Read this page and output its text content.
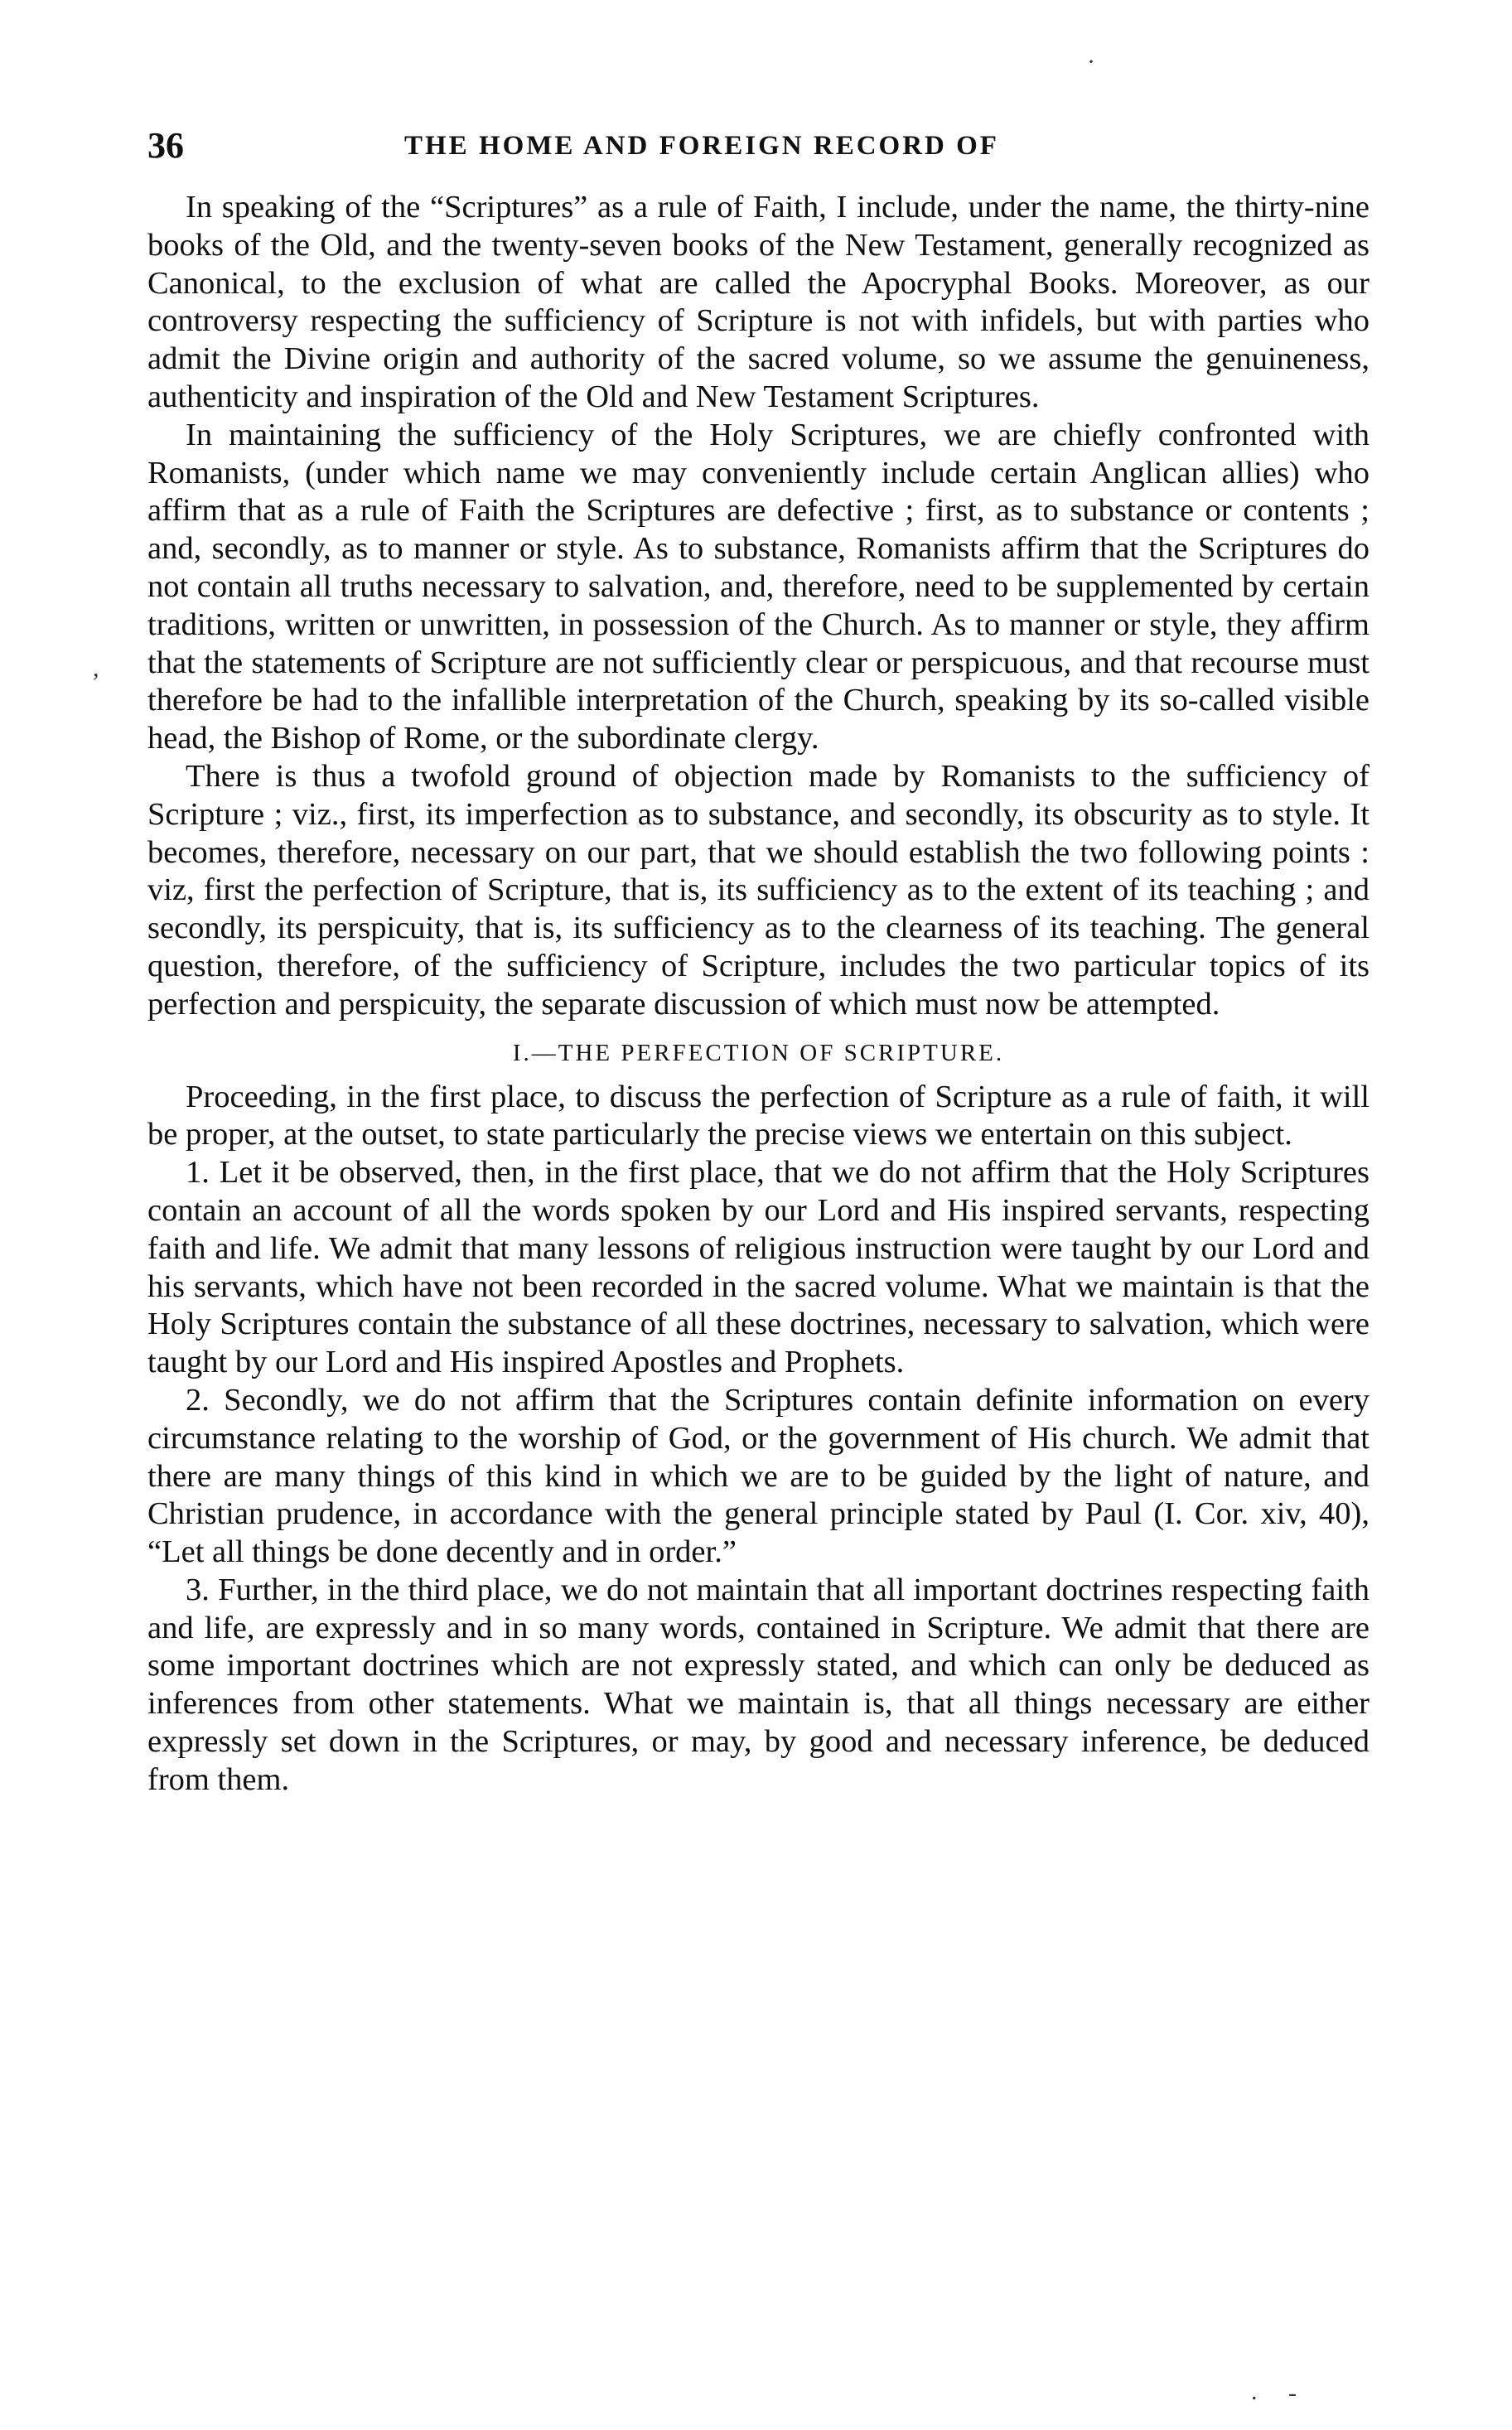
36	THE HOME AND FOREIGN RECORD OF

In speaking of the “Scriptures” as a rule of Faith, I include, under the name, the thirty-nine books of the Old, and the twenty-seven books of the New Testament, generally recognized as Canonical, to the exclusion of what are called the Apocryphal Books. Moreover, as our controversy respecting the sufficiency of Scripture is not with infidels, but with parties who admit the Divine origin and authority of the sacred volume, so we assume the genuineness, authenticity and inspiration of the Old and New Testament Scriptures.

In maintaining the sufficiency of the Holy Scriptures, we are chiefly confronted with Romanists, (under which name we may conveniently include certain Anglican allies) who affirm that as a rule of Faith the Scriptures are defective ; first, as to substance or contents ; and, secondly, as to manner or style. As to substance, Romanists affirm that the Scriptures do not contain all truths necessary to salvation, and, therefore, need to be supplemented by certain traditions, written or unwritten, in possession of the Church. As to manner or style, they affirm that the statements of Scripture are not sufficiently clear or perspicuous, and that recourse must therefore be had to the infallible interpretation of the Church, speaking by its so-called visible head, the Bishop of Rome, or the subordinate clergy.

There is thus a twofold ground of objection made by Romanists to the sufficiency of Scripture ; viz., first, its imperfection as to substance, and secondly, its obscurity as to style. It becomes, therefore, necessary on our part, that we should establish the two following points : viz, first the perfection of Scripture, that is, its sufficiency as to the extent of its teaching ; and secondly, its perspicuity, that is, its sufficiency as to the clearness of its teaching. The general question, therefore, of the sufficiency of Scripture, includes the two particular topics of its perfection and perspicuity, the separate discussion of which must now be attempted.

I.—THE PERFECTION OF SCRIPTURE.

Proceeding, in the first place, to discuss the perfection of Scripture as a rule of faith, it will be proper, at the outset, to state particularly the precise views we entertain on this subject.

1. Let it be observed, then, in the first place, that we do not affirm that the Holy Scriptures contain an account of all the words spoken by our Lord and His inspired servants, respecting faith and life. We admit that many lessons of religious instruction were taught by our Lord and his servants, which have not been recorded in the sacred volume. What we maintain is that the Holy Scriptures contain the substance of all these doctrines, necessary to salvation, which were taught by our Lord and His inspired Apostles and Prophets.

2. Secondly, we do not affirm that the Scriptures contain definite information on every circumstance relating to the worship of God, or the government of His church. We admit that there are many things of this kind in which we are to be guided by the light of nature, and Christian prudence, in accordance with the general principle stated by Paul (I. Cor. xiv, 40), “Let all things be done decently and in order.”

3. Further, in the third place, we do not maintain that all important doctrines respecting faith and life, are expressly and in so many words, contained in Scripture. We admit that there are some important doctrines which are not expressly stated, and which can only be deduced as inferences from other statements. What we maintain is, that all things necessary are either expressly set down in the Scriptures, or may, by good and necessary inference, be deduced from them.

·
,
. -
